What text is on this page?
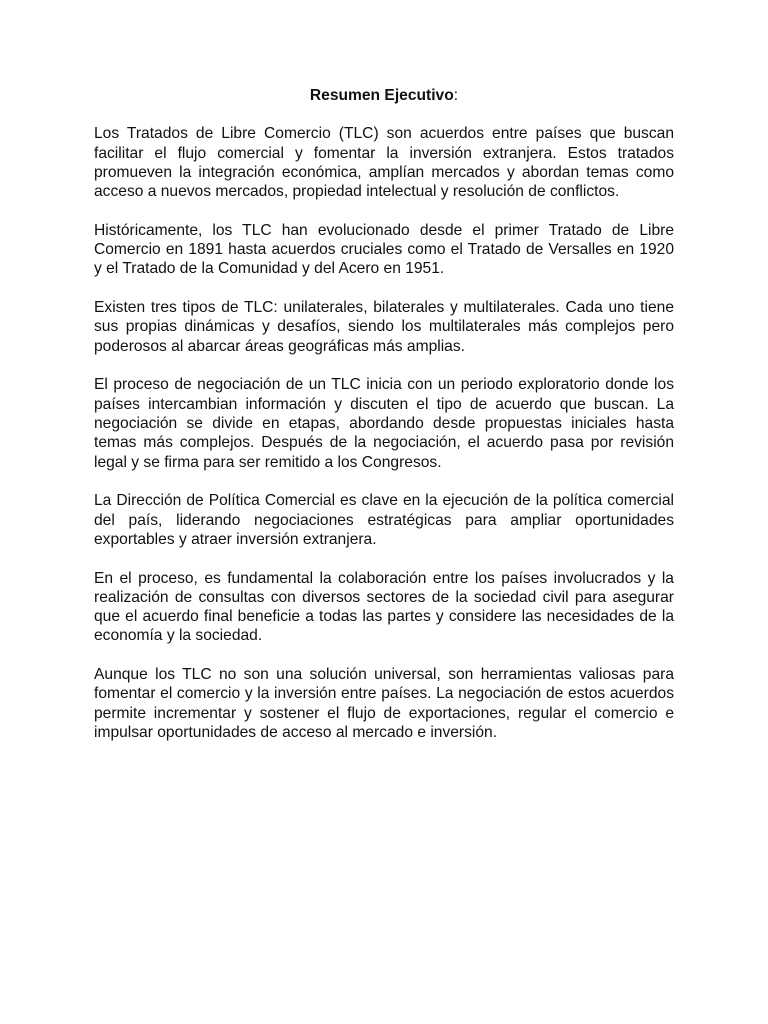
Resumen Ejecutivo:

Los Tratados de Libre Comercio (TLC) son acuerdos entre países que buscan facilitar el flujo comercial y fomentar la inversión extranjera. Estos tratados promueven la integración económica, amplían mercados y abordan temas como acceso a nuevos mercados, propiedad intelectual y resolución de conflictos.

Históricamente, los TLC han evolucionado desde el primer Tratado de Libre Comercio en 1891 hasta acuerdos cruciales como el Tratado de Versalles en 1920 y el Tratado de la Comunidad y del Acero en 1951.

Existen tres tipos de TLC: unilaterales, bilaterales y multilaterales. Cada uno tiene sus propias dinámicas y desafíos, siendo los multilaterales más complejos pero poderosos al abarcar áreas geográficas más amplias.

El proceso de negociación de un TLC inicia con un periodo exploratorio donde los países intercambian información y discuten el tipo de acuerdo que buscan. La negociación se divide en etapas, abordando desde propuestas iniciales hasta temas más complejos. Después de la negociación, el acuerdo pasa por revisión legal y se firma para ser remitido a los Congresos.

La Dirección de Política Comercial es clave en la ejecución de la política comercial del país, liderando negociaciones estratégicas para ampliar oportunidades exportables y atraer inversión extranjera.

En el proceso, es fundamental la colaboración entre los países involucrados y la realización de consultas con diversos sectores de la sociedad civil para asegurar que el acuerdo final beneficie a todas las partes y considere las necesidades de la economía y la sociedad.

Aunque los TLC no son una solución universal, son herramientas valiosas para fomentar el comercio y la inversión entre países. La negociación de estos acuerdos permite incrementar y sostener el flujo de exportaciones, regular el comercio e impulsar oportunidades de acceso al mercado e inversión.
